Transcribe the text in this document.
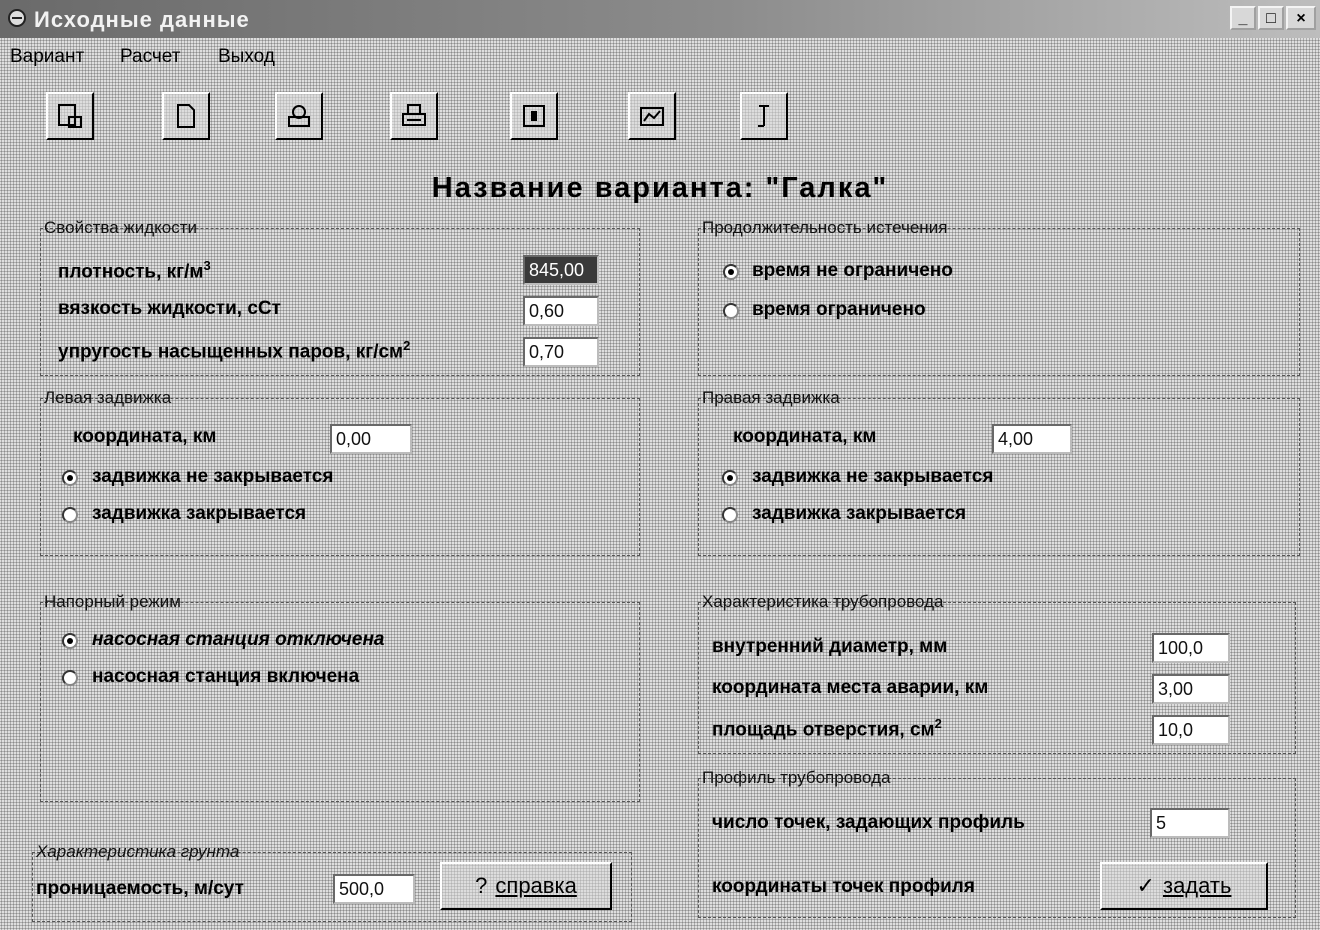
Исходные данные	_	□	×
Вариант Расчет Выход
Название варианта: "Галка"
Свойства жидкости
плотность, $кг/м^3$
845,00
вязкость жидкости, сСт
0,60
упругость насыщенных паров, $кг/см^2$
0,70
Продолжительность истечения
время не ограничено
время ограничено
Левая задвижка
координата, км
0,00
задвижка не закрывается
задвижка закрывается
Правая задвижка
координата, км
4,00
задвижка не закрывается
задвижка закрывается
Напорный режим
насосная станция отключена
насосная станция включена
Характеристика трубопровода
внутренний диаметр, мм
100,0
координата места аварии, км
3,00
площадь отверстия, $см^2$
10,0
Профиль трубопровода
число точек, задающих профиль
5
координаты точек профиля	✓ задать
Характеристика грунта
проницаемость, м/сут
500,0	? справка
